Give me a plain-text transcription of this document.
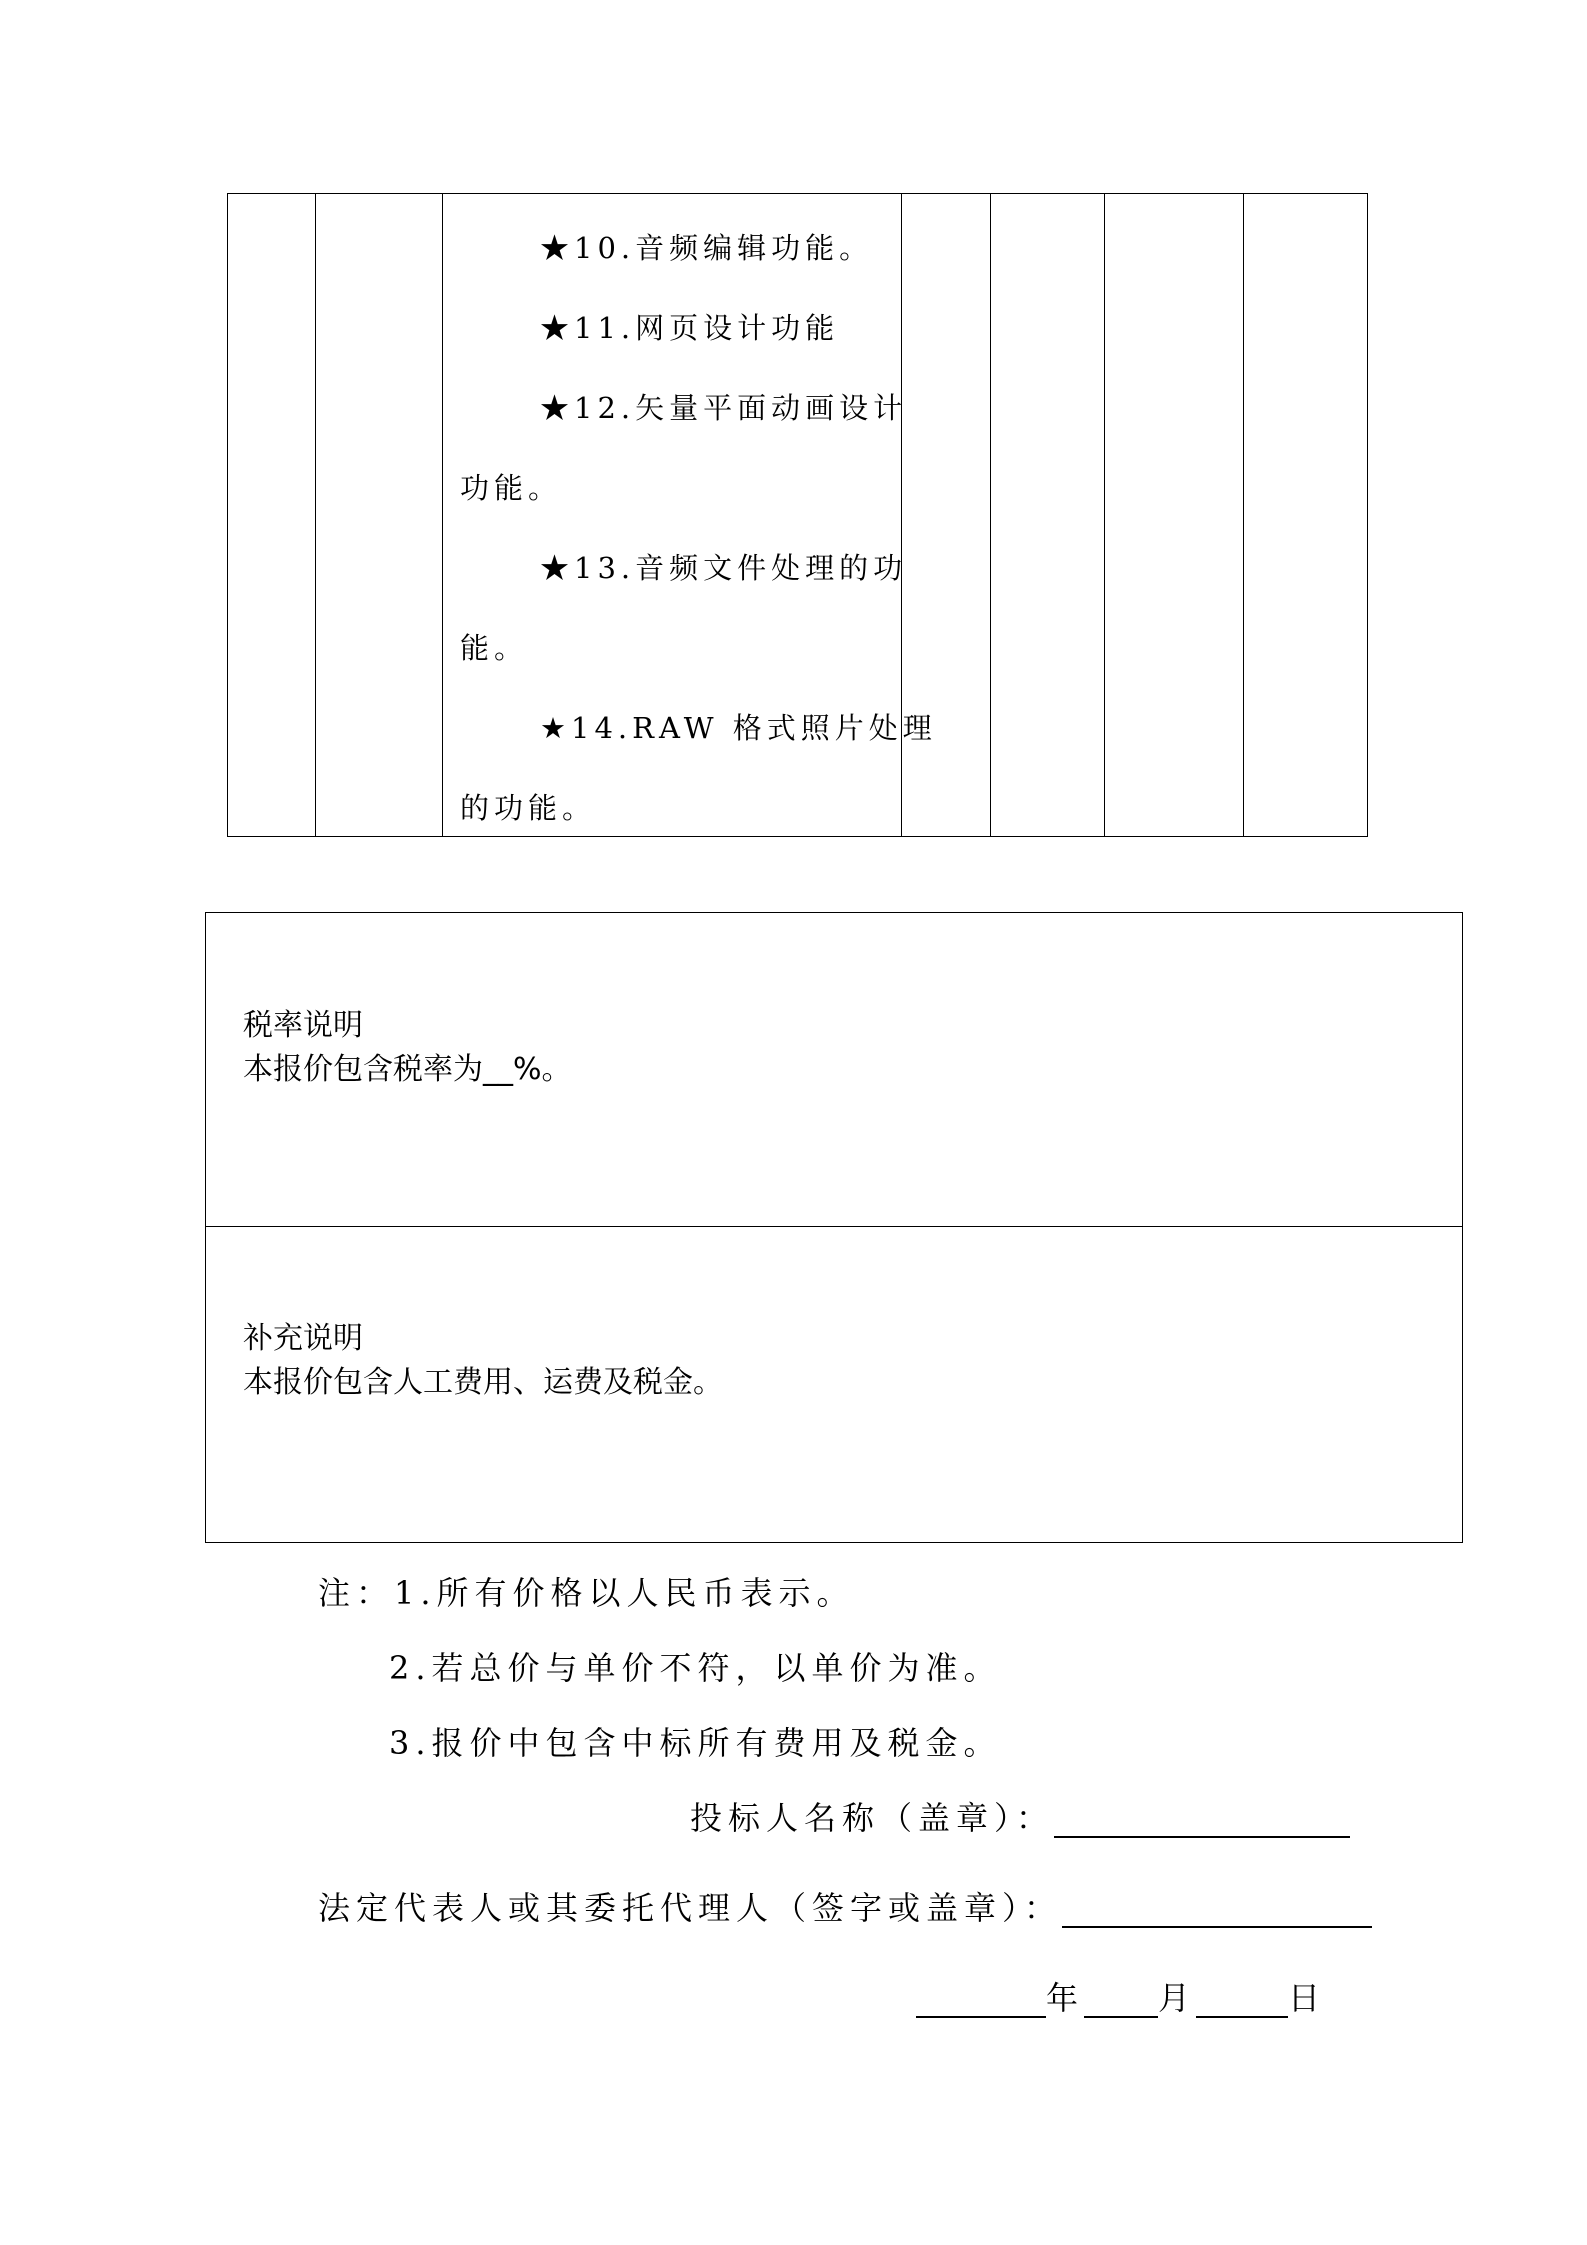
★10.音频编辑功能。
★11.网页设计功能
★12.矢量平面动画设计
功能。
★13.音频文件处理的功
能。
★14.RAW 格式照片处理
的功能。

税率说明
本报价包含税率为__%。
补充说明
本报价包含人工费用、运费及税金。
注：1.所有价格以人民币表示。
2.若总价与单价不符，以单价为准。
3.报价中包含中标所有费用及税金。
投标人名称（盖章）：
法定代表人或其委托代理人（签字或盖章）：
年 月	日
